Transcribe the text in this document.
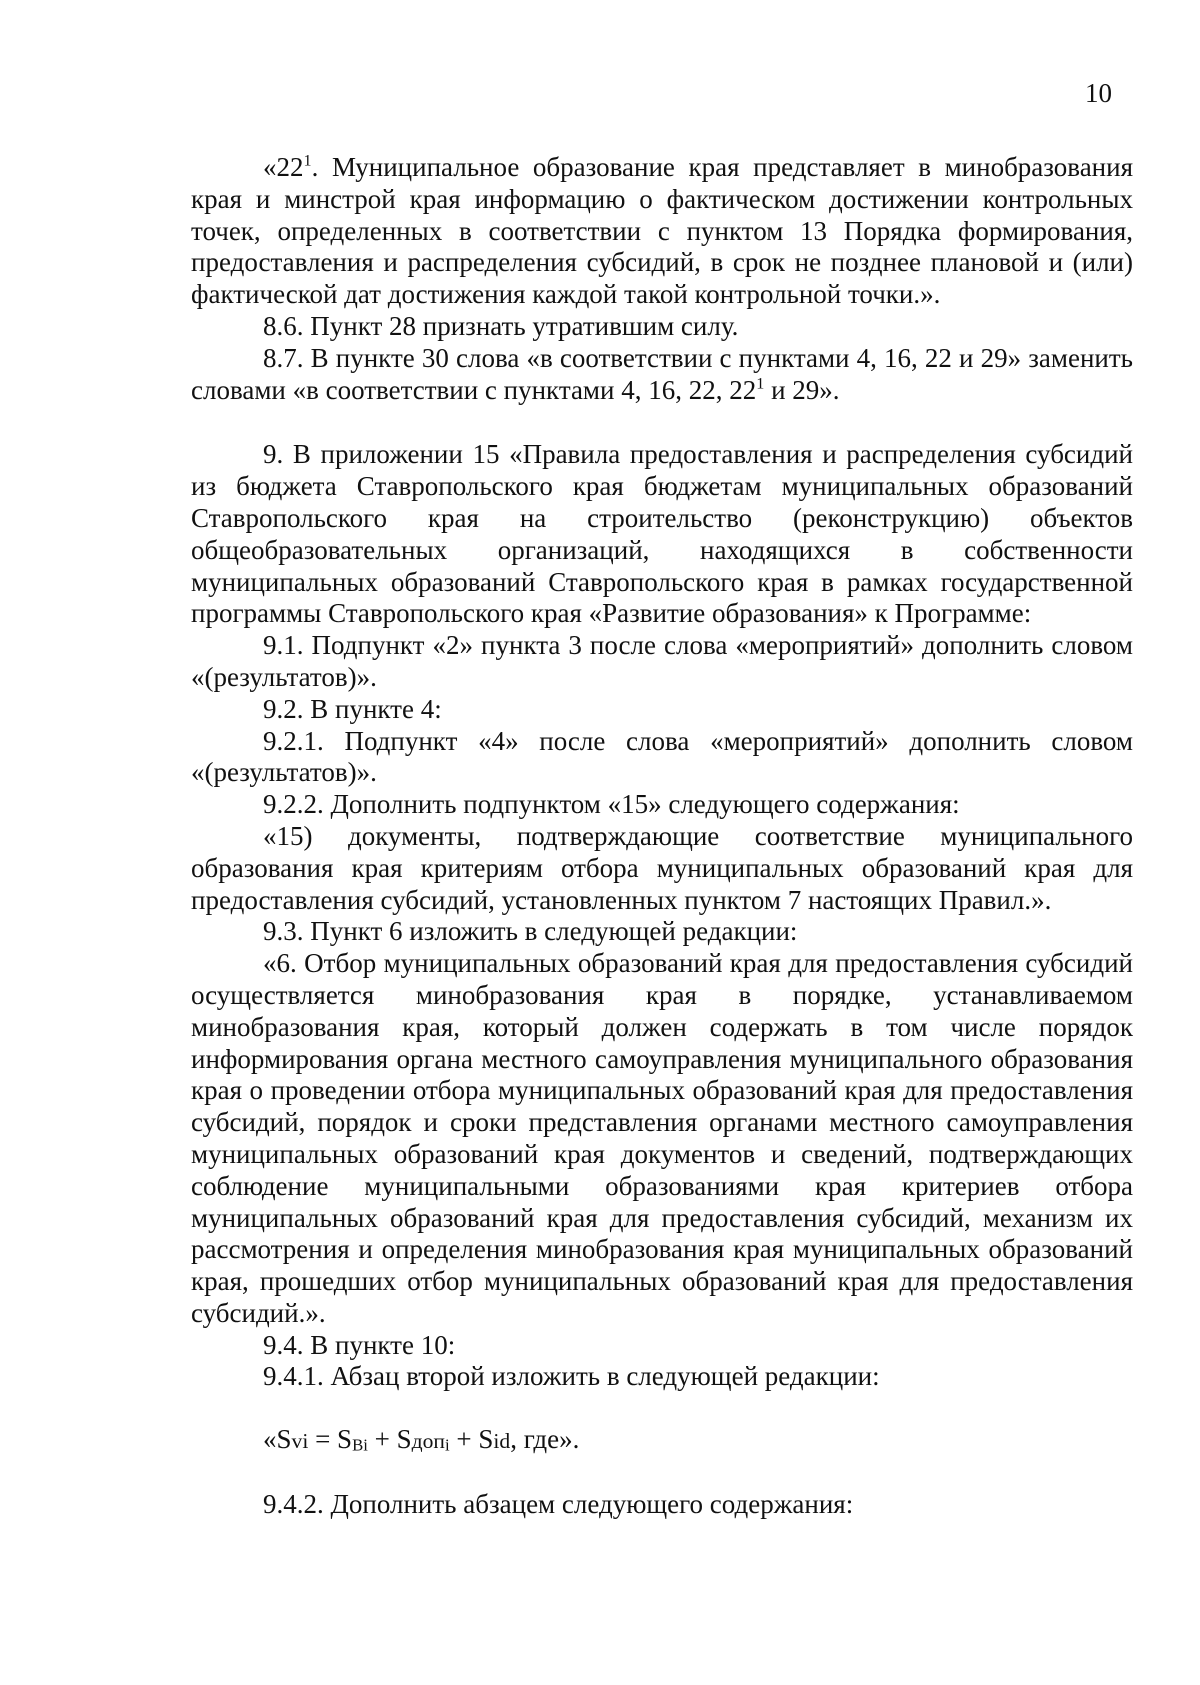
10

«$22^1$. Муниципальное образование края представляет в минобразования края и минстрой края информацию о фактическом достижении контрольных точек, определенных в соответствии с пунктом 13 Порядка формирования, предоставления и распределения субсидий, в срок не позднее плановой и (или) фактической дат достижения каждой такой контрольной точки.».

8.6. Пункт 28 признать утратившим силу.

8.7. В пункте 30 слова «в соответствии с пунктами 4, 16, 22 и 29» заменить словами «в соответствии с пунктами 4, 16, 22, $22^1$ и 29».

9. В приложении 15 «Правила предоставления и распределения субсидий из бюджета Ставропольского края бюджетам муниципальных образований Ставропольского края на строительство (реконструкцию) объектов общеобразовательных организаций, находящихся в собственности муниципальных образований Ставропольского края в рамках государственной программы Ставропольского края «Развитие образования» к Программе:

9.1. Подпункт «2» пункта 3 после слова «мероприятий» дополнить словом «(результатов)».

9.2. В пункте 4:

9.2.1. Подпункт «4» после слова «мероприятий» дополнить словом «(результатов)».

9.2.2. Дополнить подпунктом «15» следующего содержания:

«15) документы, подтверждающие соответствие муниципального образования края критериям отбора муниципальных образований края для предоставления субсидий, установленных пунктом 7 настоящих Правил.».

9.3. Пункт 6 изложить в следующей редакции:

«6. Отбор муниципальных образований края для предоставления субсидий осуществляется минобразования края в порядке, устанавливаемом минобразования края, который должен содержать в том числе порядок информирования органа местного самоуправления муниципального образования края о проведении отбора муниципальных образований края для предоставления субсидий, порядок и сроки представления органами местного самоуправления муниципальных образований края документов и сведений, подтверждающих соблюдение муниципальными образованиями края критериев отбора муниципальных образований края для предоставления субсидий, механизм их рассмотрения и определения минобразования края муниципальных образований края, прошедших отбор муниципальных образований края для предоставления субсидий.».

9.4. В пункте 10:

9.4.1. Абзац второй изложить в следующей редакции:

«Svi = $S_{Bi}$ + Sдоп$_i$ + Sid, где».

9.4.2. Дополнить абзацем следующего содержания:
